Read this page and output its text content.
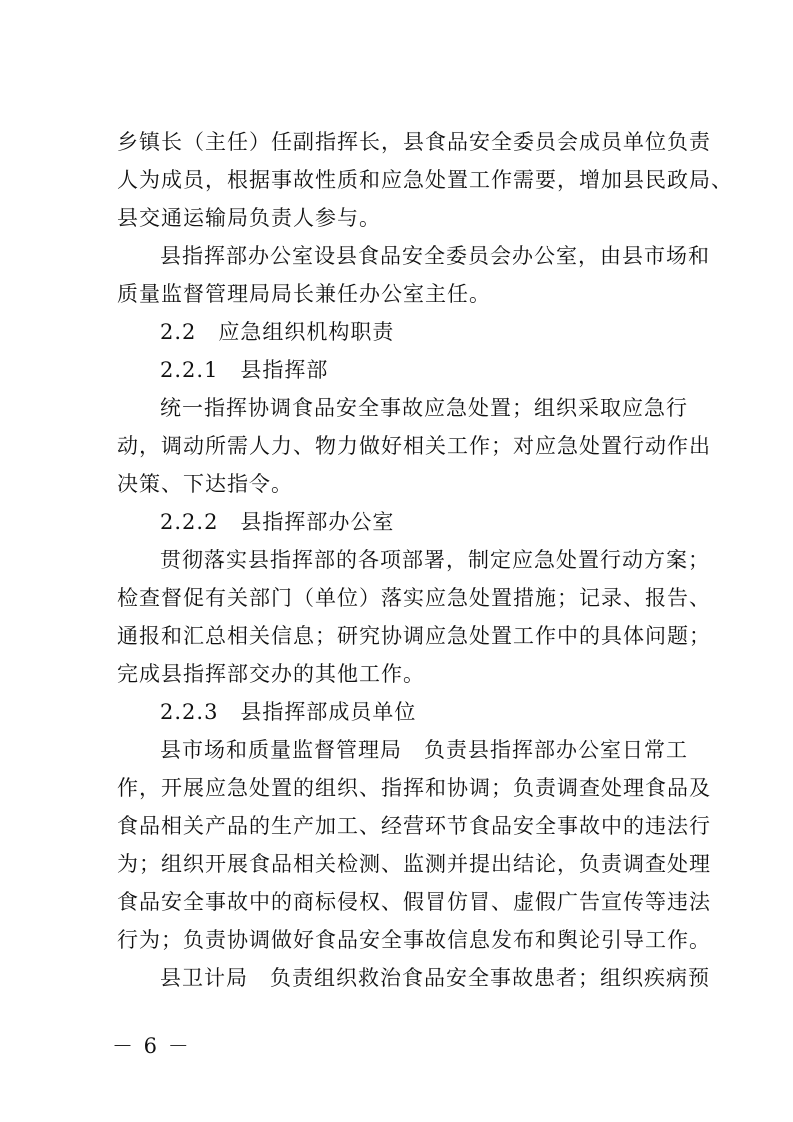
乡镇长（主任）任副指挥长，县食品安全委员会成员单位负责
人为成员，根据事故性质和应急处置工作需要，增加县民政局、
县交通运输局负责人参与。
县指挥部办公室设县食品安全委员会办公室，由县市场和
质量监督管理局局长兼任办公室主任。
2.2　应急组织机构职责
2.2.1　县指挥部
统一指挥协调食品安全事故应急处置；组织采取应急行
动，调动所需人力、物力做好相关工作；对应急处置行动作出
决策、下达指令。
2.2.2　县指挥部办公室
贯彻落实县指挥部的各项部署，制定应急处置行动方案；
检查督促有关部门（单位）落实应急处置措施；记录、报告、
通报和汇总相关信息；研究协调应急处置工作中的具体问题；
完成县指挥部交办的其他工作。
2.2.3　县指挥部成员单位
县市场和质量监督管理局　负责县指挥部办公室日常工
作，开展应急处置的组织、指挥和协调；负责调查处理食品及
食品相关产品的生产加工、经营环节食品安全事故中的违法行
为；组织开展食品相关检测、监测并提出结论，负责调查处理
食品安全事故中的商标侵权、假冒仿冒、虚假广告宣传等违法
行为；负责协调做好食品安全事故信息发布和舆论引导工作。
县卫计局　负责组织救治食品安全事故患者；组织疾病预
－ 6 －
